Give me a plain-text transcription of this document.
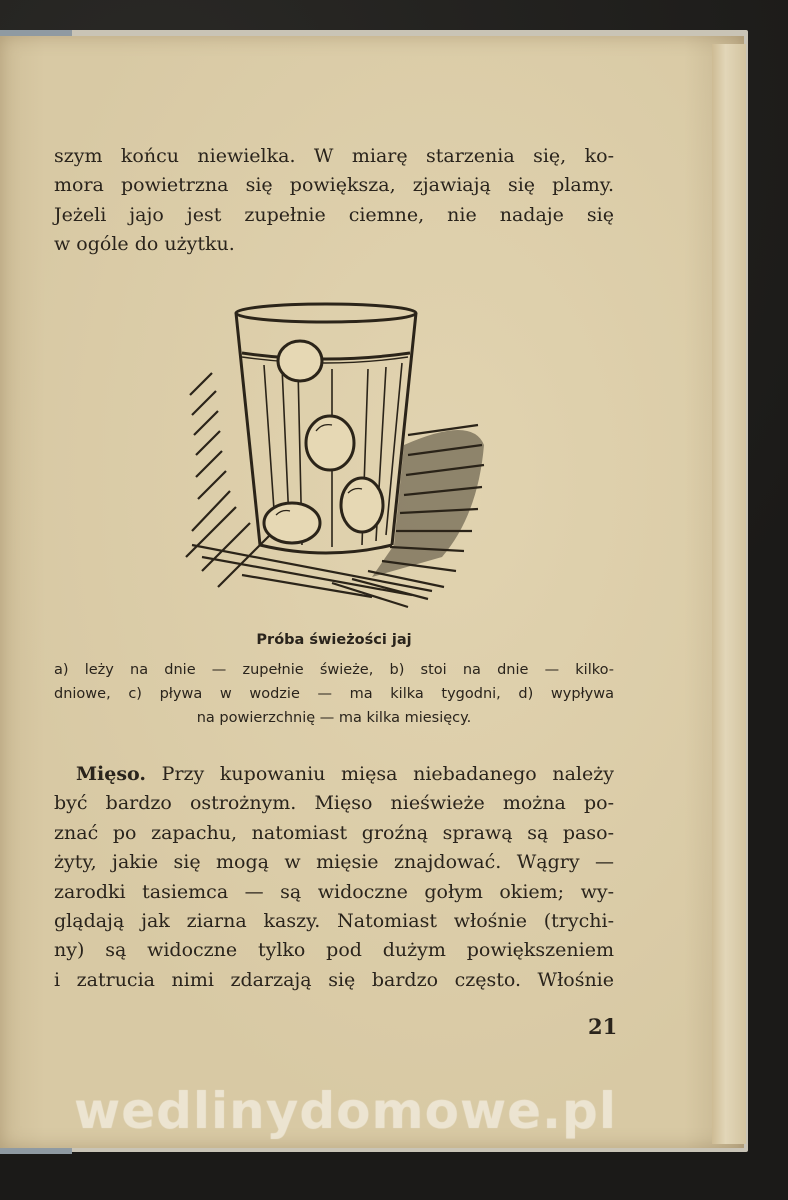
szym końcu niewielka. W miarę starzenia się, ko-
mora powietrzna się powiększa, zjawiają się plamy.
Jeżeli jajo jest zupełnie ciemne, nie nadaje się
w ogóle do użytku.
Próba świeżości jaj
a) leży na dnie — zupełnie świeże, b) stoi na dnie — kilko-
dniowe, c) pływa w wodzie — ma kilka tygodni, d) wypływa
na powierzchnię — ma kilka miesięcy.
Mięso. Przy kupowaniu mięsa niebadanego należy
być bardzo ostrożnym. Mięso nieświeże można po-
znać po zapachu, natomiast groźną sprawą są paso-
żyty, jakie się mogą w mięsie znajdować. Wągry —
zarodki tasiemca — są widoczne gołym okiem; wy-
glądają jak ziarna kaszy. Natomiast włośnie (trychi-
ny) są widoczne tylko pod dużym powiększeniem
i zatrucia nimi zdarzają się bardzo często. Włośnie
21
wedlinydomowe.pl
